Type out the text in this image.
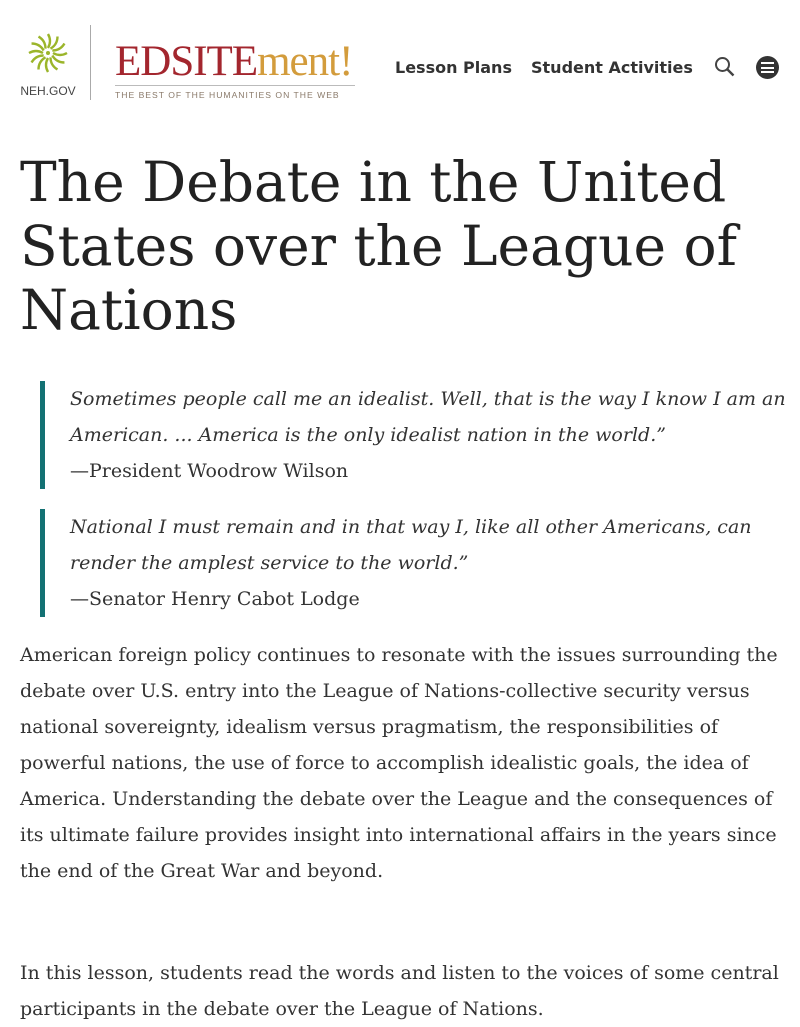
NEH.GOV
EDSITEment!
THE BEST OF THE HUMANITIES ON THE WEB
Lesson Plans Student Activities
The Debate in the United States over the League of Nations
Sometimes people call me an idealist. Well, that is the way I know I am an American. ... America is the only idealist nation in the world.”
—President Woodrow Wilson
National I must remain and in that way I, like all other Americans, can render the amplest service to the world.”
—Senator Henry Cabot Lodge

American foreign policy continues to resonate with the issues surrounding the debate over U.S. entry into the League of Nations-collective security versus national sovereignty, idealism versus pragmatism, the responsibilities of powerful nations, the use of force to accomplish idealistic goals, the idea of America. Understanding the debate over the League and the consequences of its ultimate failure provides insight into international affairs in the years since the end of the Great War and beyond.

In this lesson, students read the words and listen to the voices of some central participants in the debate over the League of Nations.
